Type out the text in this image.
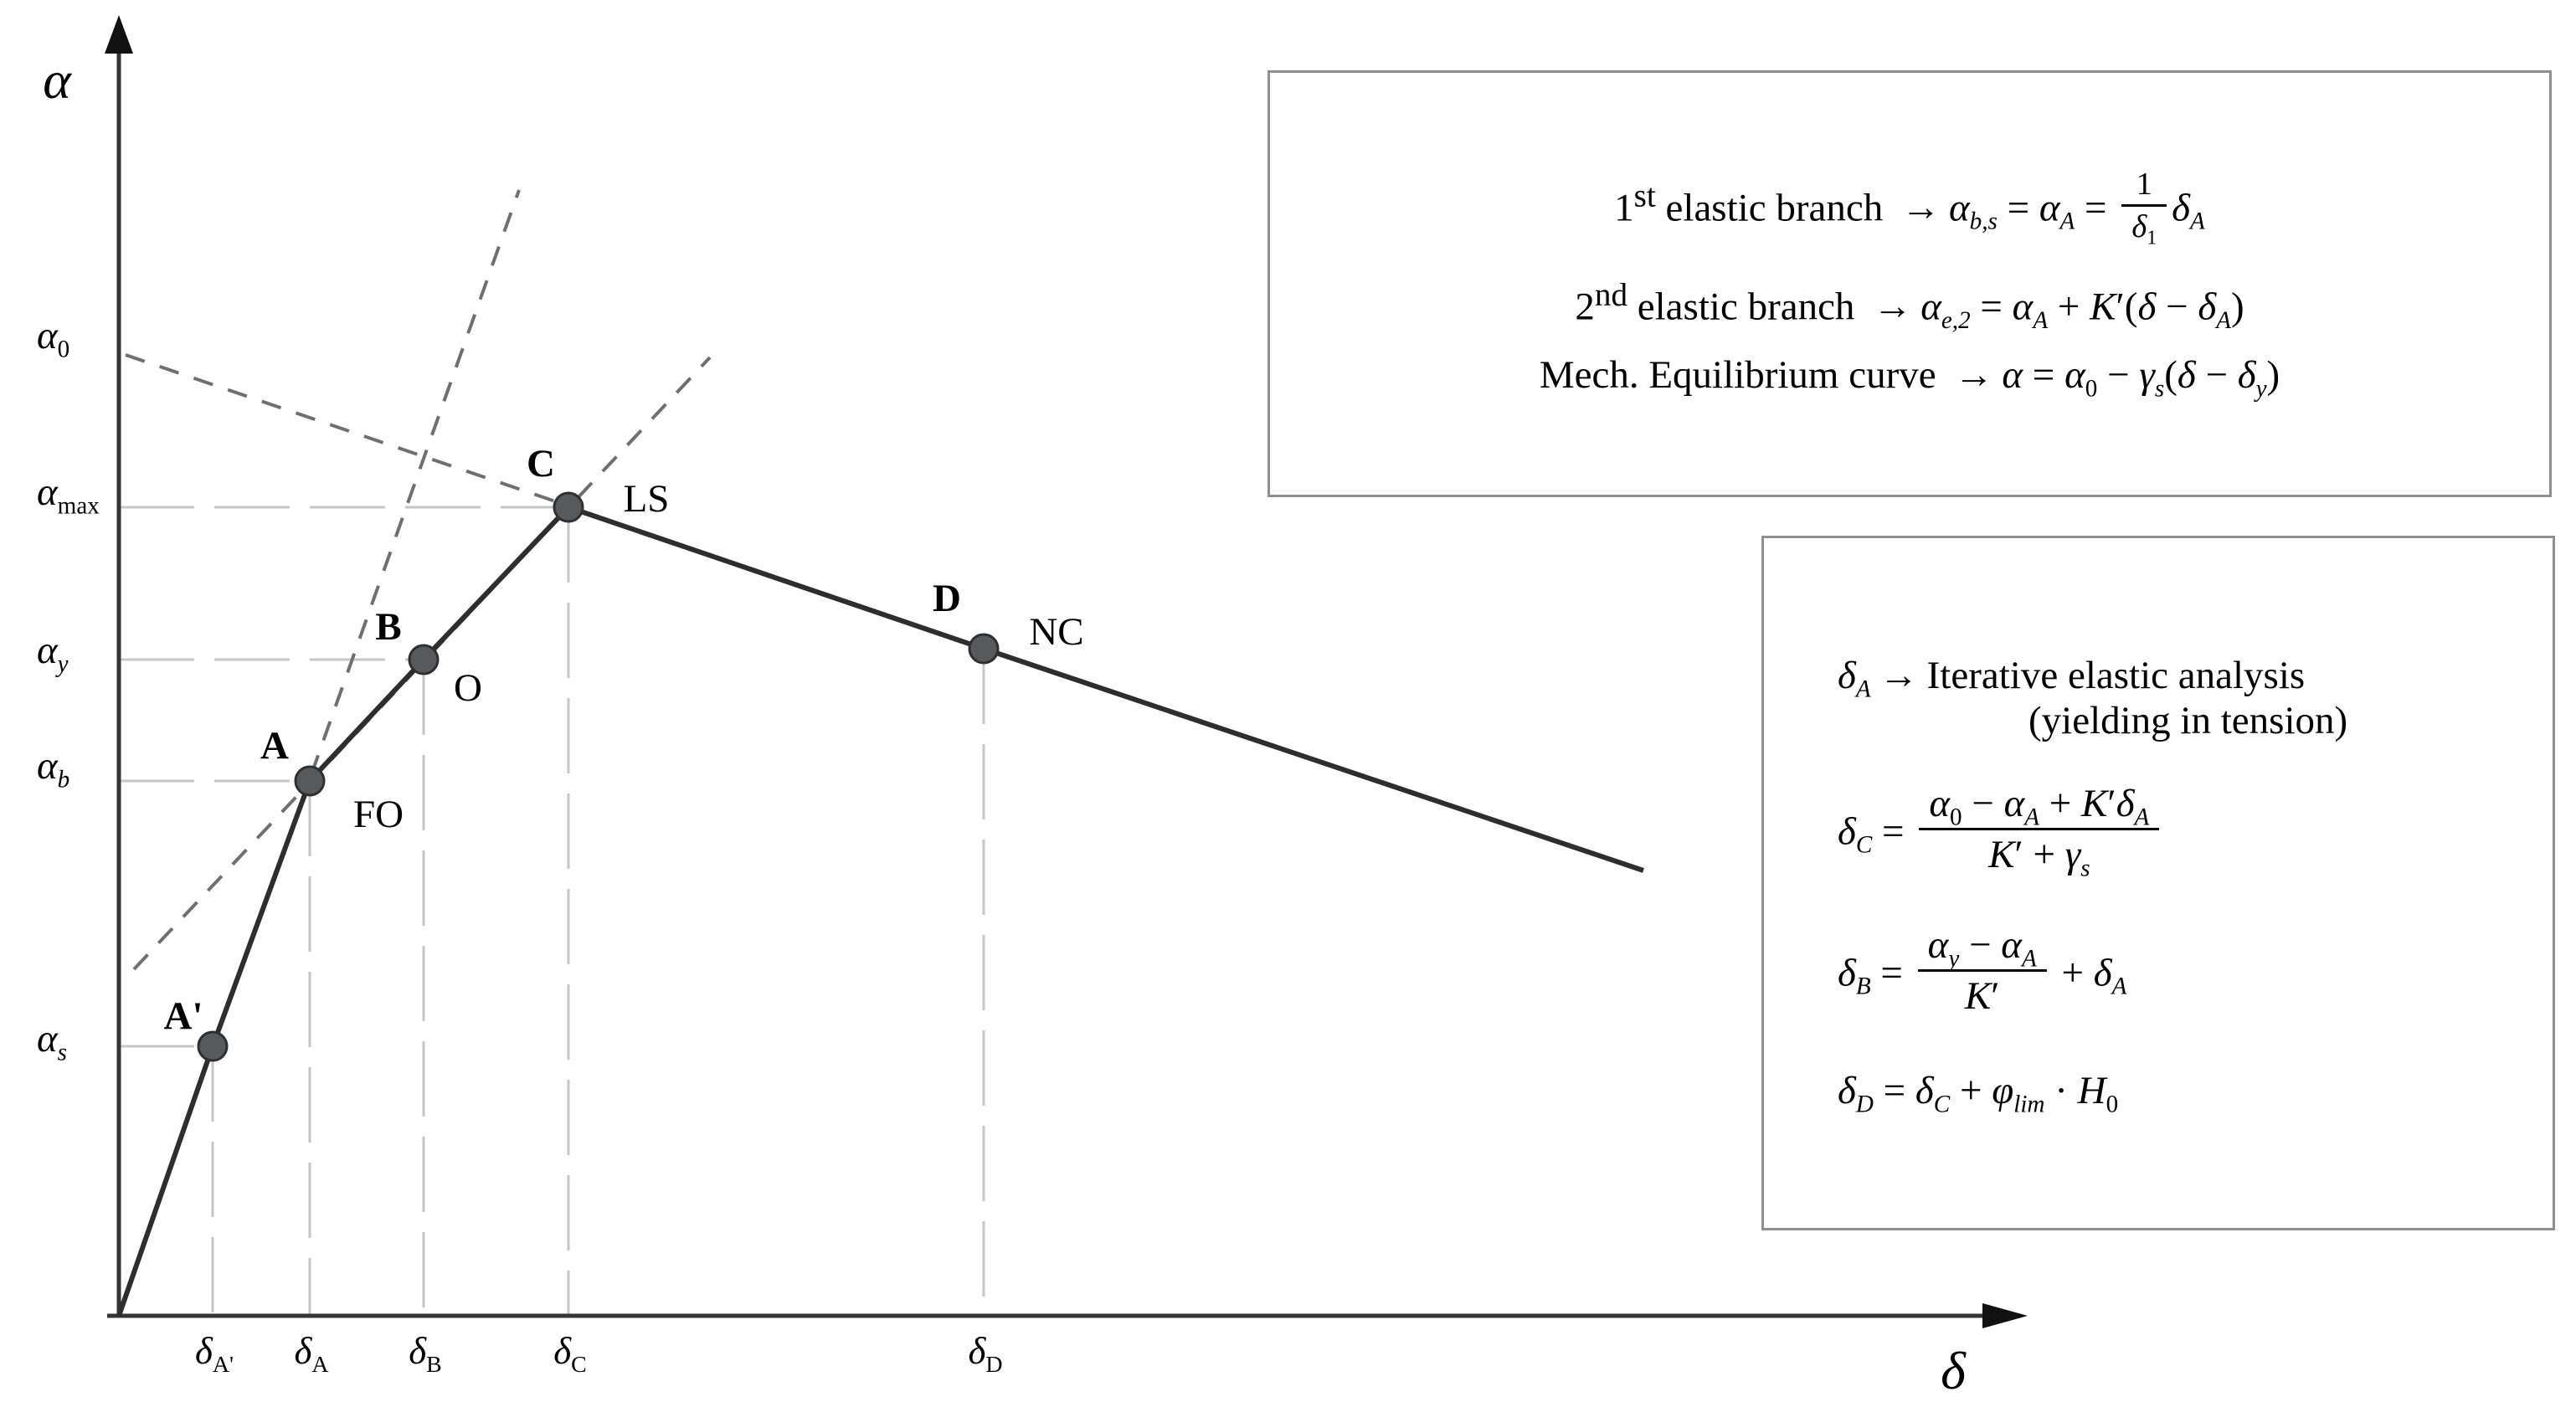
α
δ
$\alpha_0$
$\alpha_{max}$
$\alpha_y$
$\alpha_b$
$\alpha_s$
$\delta_{A'}$ $\delta_A$ $\delta_B$	$\delta_C$	$\delta_D$
A'
A
B
C
D
FO
O
LS
NC
1st elastic branch → $\alpha_{b,s} = \alpha_A = \frac{1}{\delta_1} \delta_A$
2nd elastic branch → $\alpha_{e,2} = \alpha_A + K'(\delta - \delta_A)$
Mech. Equilibrium curve → $\alpha = \alpha_0 - \gamma_s(\delta - \delta_y)$
$\delta_A$ → Iterative elastic analysis
(yielding in tension)
$\delta_C = \frac{\alpha_0 - \alpha_A + K'\delta_A}{K' + \gamma_s}$
$\delta_B = \frac{\alpha_y - \alpha_A}{K'} + \delta_A$
$\delta_D = \delta_C + \varphi_{lim} \cdot H_0$
